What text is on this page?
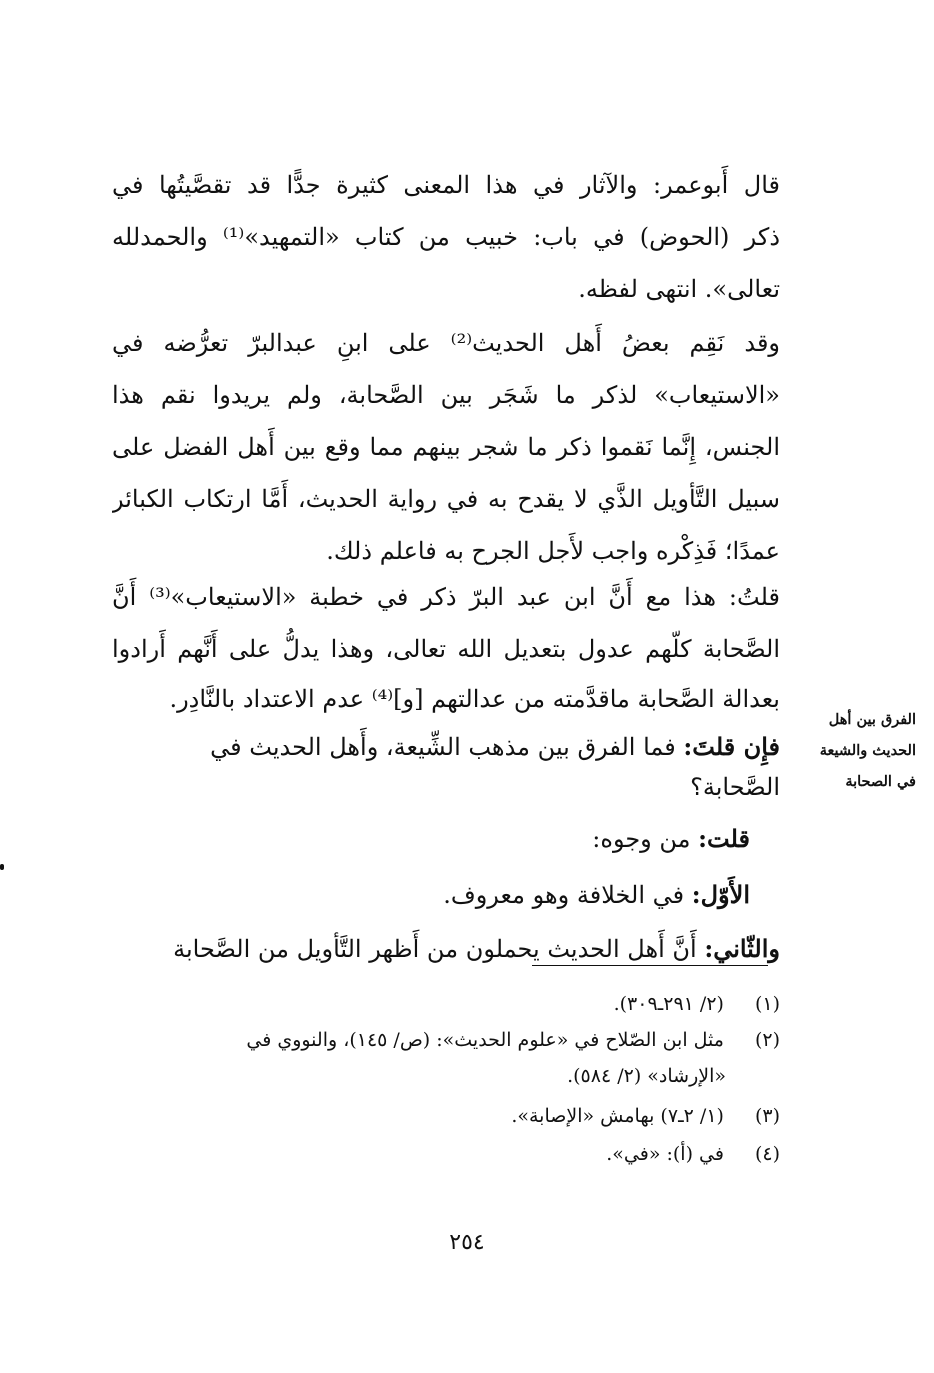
قال أَبوعمر: والآثار في هذا المعنى كثيرة جدًّا قد تقصَّيتُها في
ذكر (الحوض) في باب: خبيب من كتاب «التمهيد»⁽¹⁾ والحمدلله
تعالى». انتهى لفظه.
وقد نَقِم بعضُ أَهل الحديث⁽²⁾ على ابنِ عبدالبرّ تعرُّضه في
«الاستيعاب» لذكر ما شَجَر بين الصَّحابة، ولم يريدوا نقم هذا
الجنس، إِنَّما نَقموا ذكر ما شجر بينهم مما وقع بين أَهل الفضل على
سبيل التَّأويل الذَّي لا يقدح به في رواية الحديث، أَمَّا ارتكاب الكبائر
عمدًا؛ فَذِكْره واجب لأَجل الجرح به فاعلم ذلك.
قلتُ: هذا مع أَنَّ ابن عبد البرّ ذكر في خطبة «الاستيعاب»⁽³⁾ أَنَّ
الصَّحابة كلّهم عدول بتعديل الله تعالى، وهذا يدلُّ على أَنَّهم أَرادوا
بعدالة الصَّحابة ماقدَّمته من عدالتهم [و]⁽⁴⁾ عدم الاعتداد بالنَّادِر.
فإِن قلتَ: فما الفرق بين مذهب الشِّيعة، وأَهل الحديث في
الصَّحابة؟
قلت: من وجوه:
الأَوّل: في الخلافة وهو معروف.
والثّاني: أَنَّ أَهل الحديث يحملون من أَظهر التَّأويل من الصَّحابة
الفرق بين أهل
الحديث والشيعة
في الصحابة
(١) (٢/ ٢٩١ـ٣٠٩).
(٢) مثل ابن الصّلاح في «علوم الحديث»: (ص/ ١٤٥)، والنووي في
«الإرشاد» (٢/ ٥٨٤).
(٣) (١/ ٢ـ٧) بهامش «الإصابة».
(٤) في (أ): «في».
٢٥٤
